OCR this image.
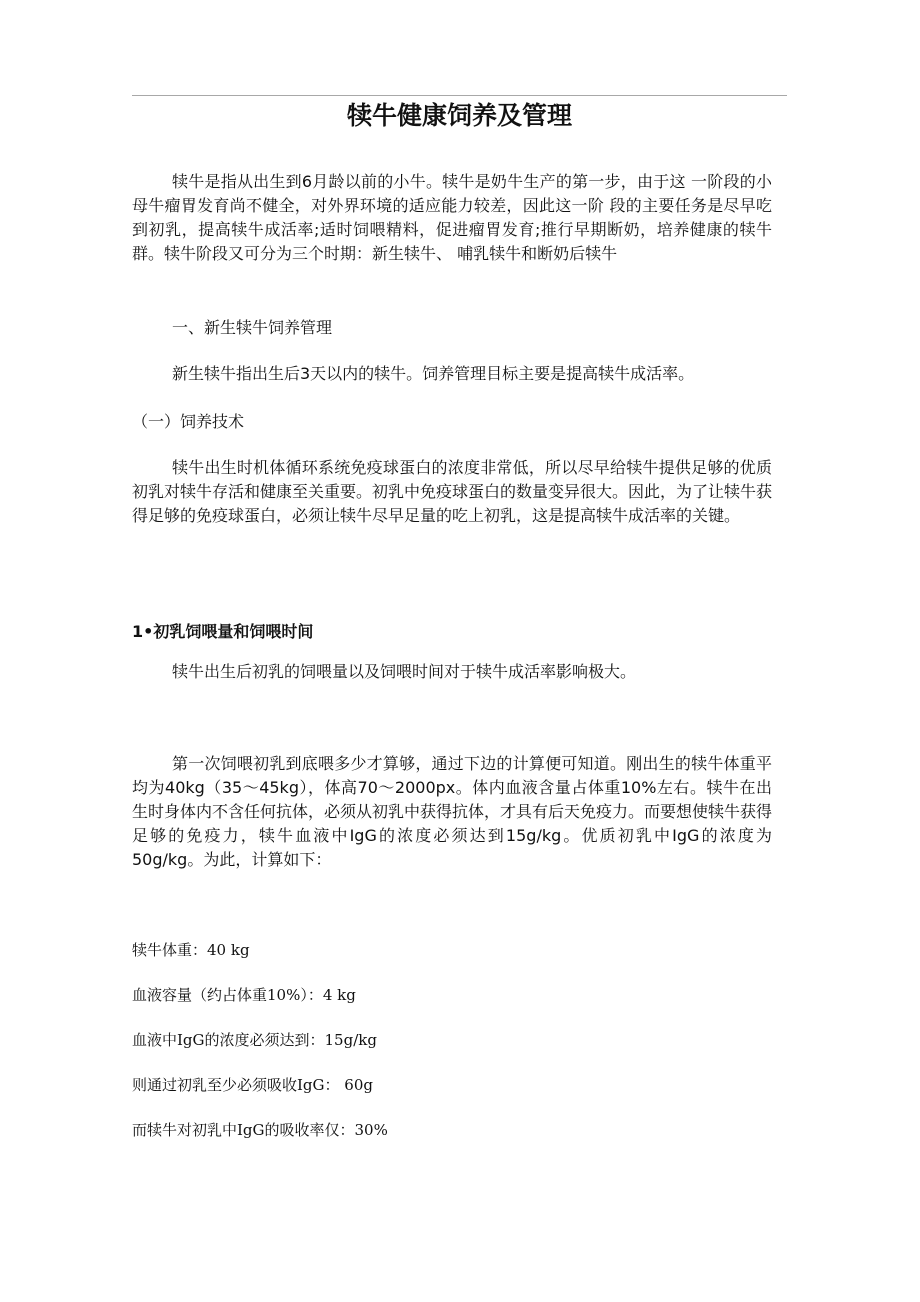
犊牛健康饲养及管理

犊牛是指从出生到6月龄以前的小牛。犊牛是奶牛生产的第一步，由于这 一阶段的小母牛瘤胃发育尚不健全，对外界环境的适应能力较差，因此这一阶 段的主要任务是尽早吃到初乳，提高犊牛成活率;适时饲喂精料，促进瘤胃发育;推行早期断奶，培养健康的犊牛群。犊牛阶段又可分为三个时期：新生犊牛、 哺乳犊牛和断奶后犊牛

一、新生犊牛饲养管理

新生犊牛指出生后3天以内的犊牛。饲养管理目标主要是提高犊牛成活率。

（一）饲养技术

犊牛出生时机体循环系统免疫球蛋白的浓度非常低，所以尽早给犊牛提供足够的优质初乳对犊牛存活和健康至关重要。初乳中免疫球蛋白的数量变异很大。因此，为了让犊牛获得足够的免疫球蛋白，必须让犊牛尽早足量的吃上初乳，这是提高犊牛成活率的关键。

1•初乳饲喂量和饲喂时间

犊牛出生后初乳的饲喂量以及饲喂时间对于犊牛成活率影响极大。

第一次饲喂初乳到底喂多少才算够，通过下边的计算便可知道。刚出生的犊牛体重平均为40kg（35～45kg），体高70～2000px。体内血液含量占体重10%左右。犊牛在出生时身体内不含任何抗体，必须从初乳中获得抗体，才具有后天免疫力。而要想使犊牛获得足够的免疫力，犊牛血液中IgG的浓度必须达到15g/kg。优质初乳中IgG的浓度为50g/kg。为此，计算如下：

犊牛体重：40 kg

血液容量（约占体重10%）：4 kg

血液中IgG的浓度必须达到：15g/kg

则通过初乳至少必须吸收IgG： 60g

而犊牛对初乳中IgG的吸收率仅：30%
